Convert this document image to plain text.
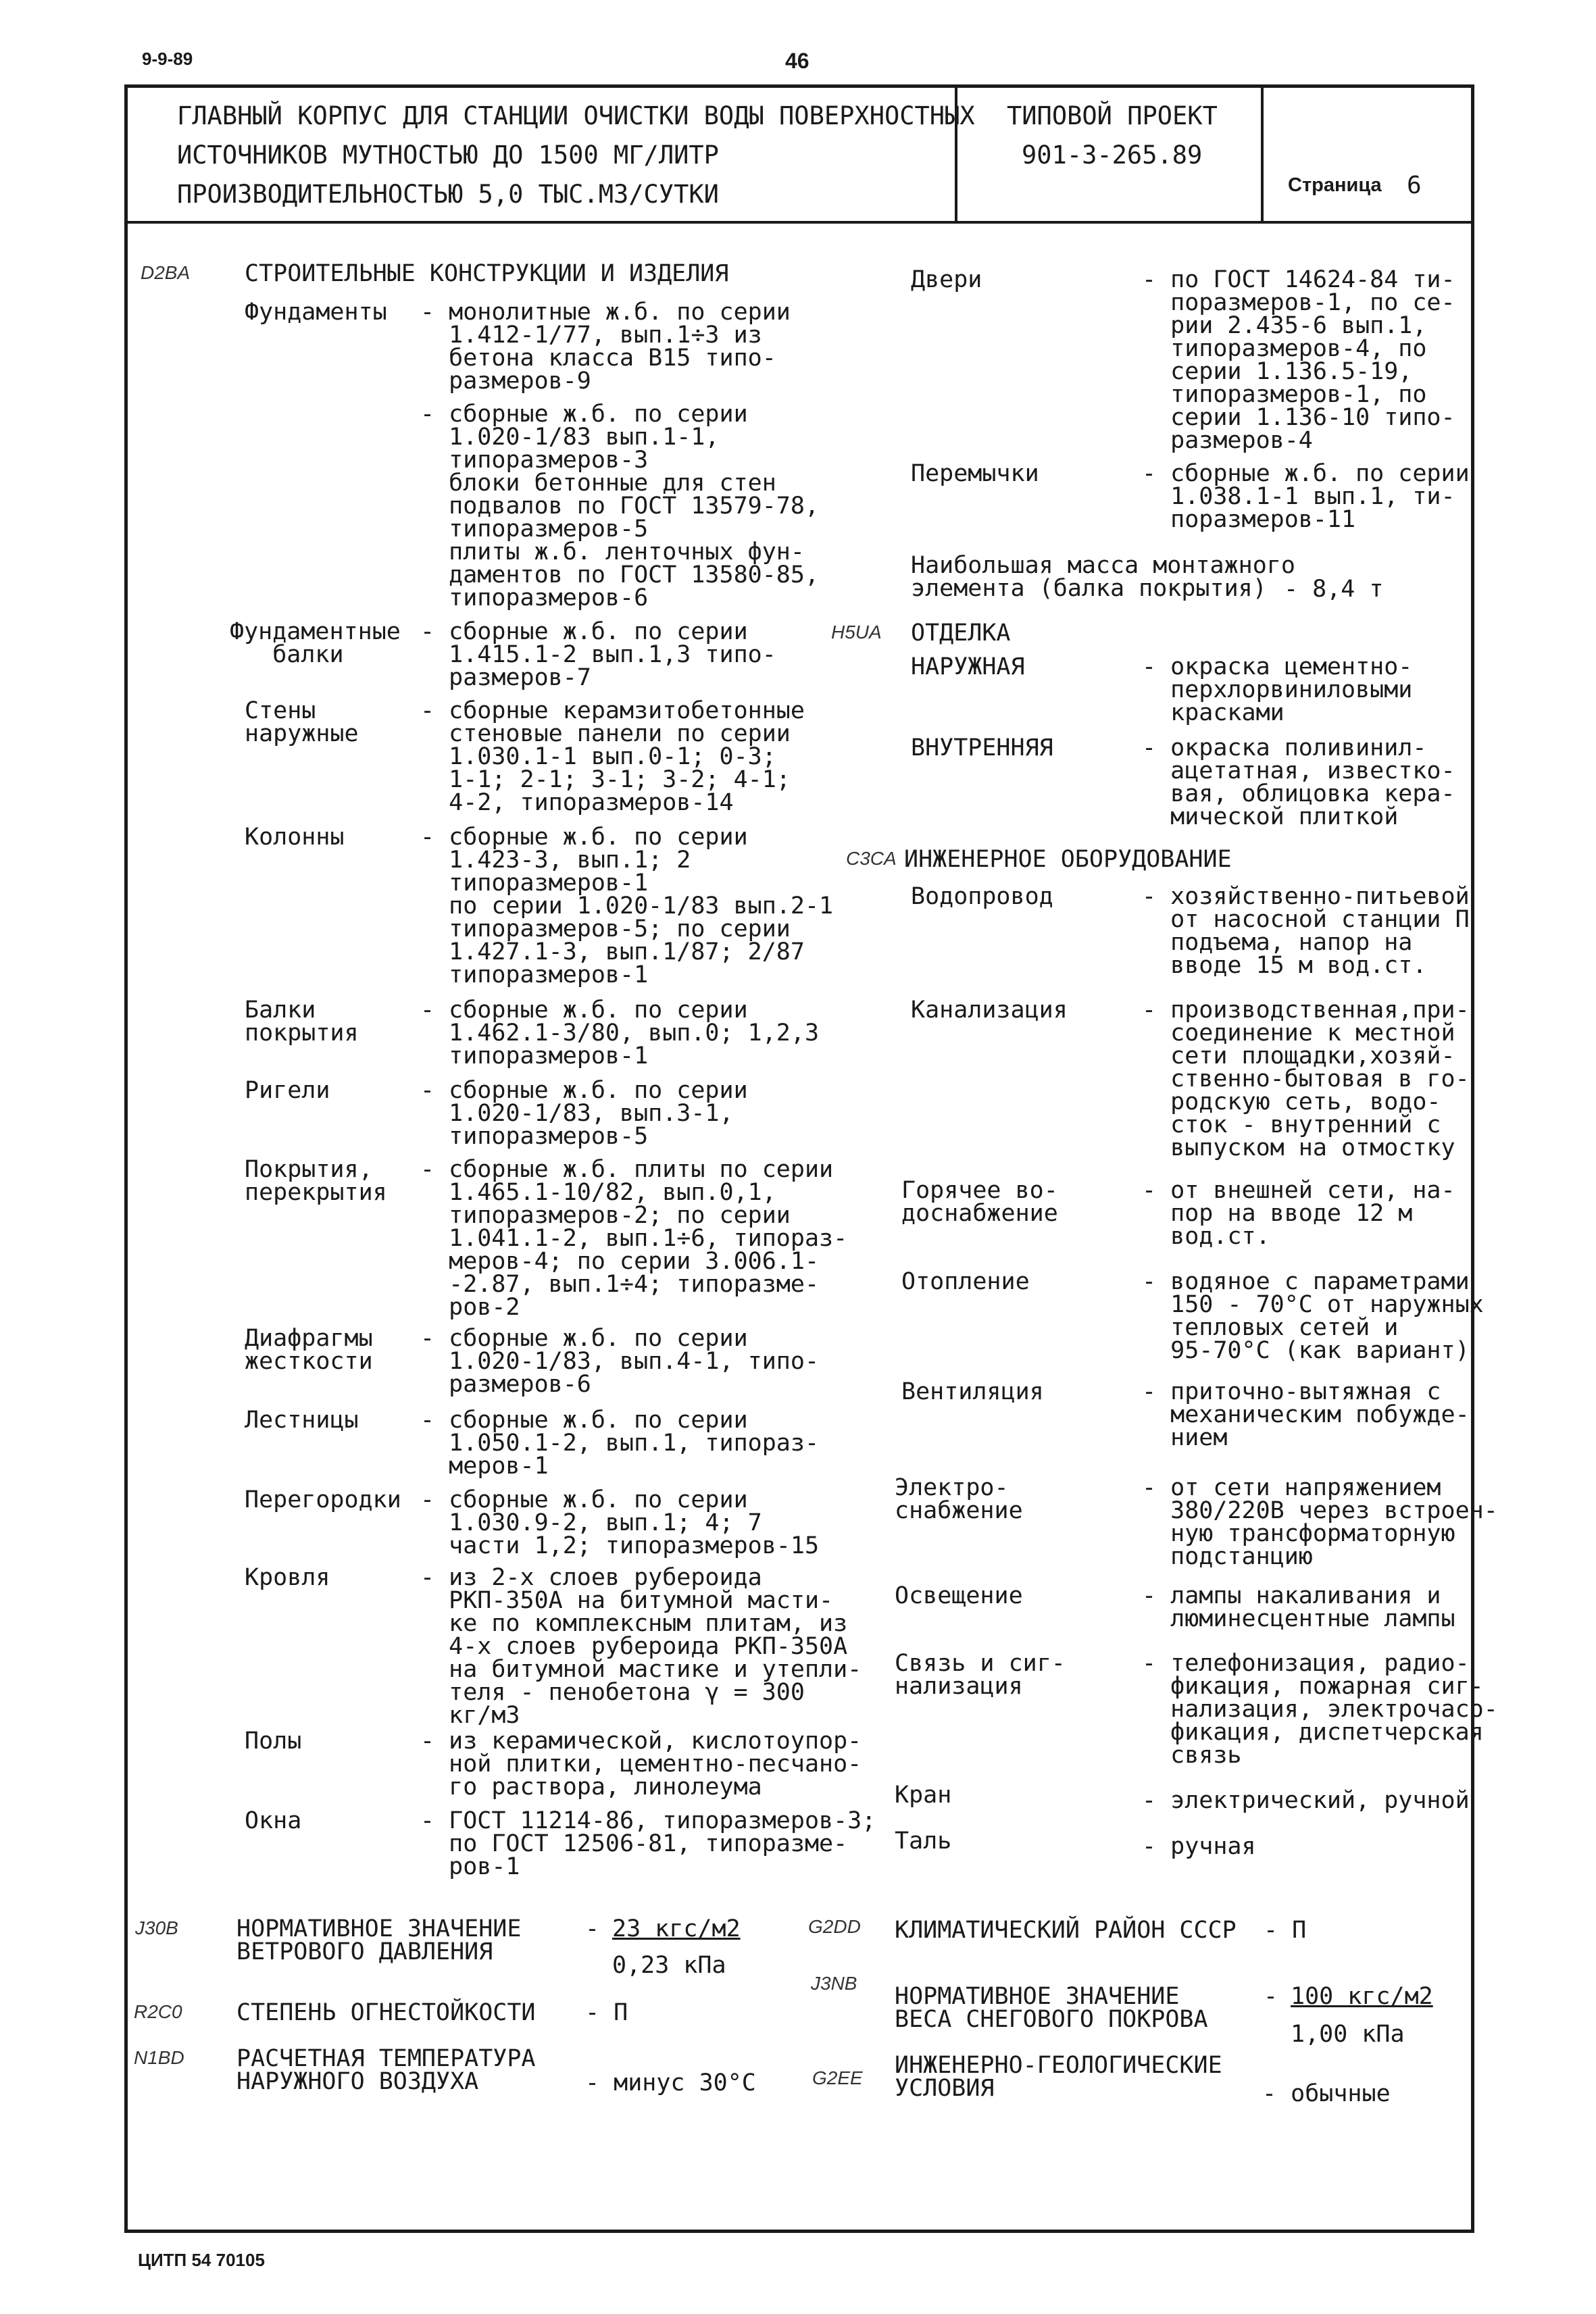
9-9-89	46
ГЛАВНЫЙ КОРПУС ДЛЯ СТАНЦИИ ОЧИСТКИ ВОДЫ ПОВЕРХНОСТНЫХ
ИСТОЧНИКОВ МУТНОСТЬЮ ДО 1500 МГ/ЛИТР
ПРОИЗВОДИТЕЛЬНОСТЬЮ 5,0 ТЫС.М3/СУТКИ
ТИПОВОЙ ПРОЕКТ
901-3-265.89
Страница 6
D2BA СТРОИТЕЛЬНЫЕ КОНСТРУКЦИИ И ИЗДЕЛИЯ
Фундаменты - монолитные ж.б. по серии
1.412-1/77, вып.1÷3 из
бетона класса В15 типо-
размеров-9
- сборные ж.б. по серии
1.020-1/83 вып.1-1,
типоразмеров-3
блоки бетонные для стен
подвалов по ГОСТ 13579-78,
типоразмеров-5
плиты ж.б. ленточных фун-
даментов по ГОСТ 13580-85,
типоразмеров-6
Фундаментные
балки
- сборные ж.б. по серии
1.415.1-2 вып.1,3 типо-
размеров-7
Стены
наружные
- сборные керамзитобетонные
стеновые панели по серии
1.030.1-1 вып.0-1; 0-3;
1-1; 2-1; 3-1; 3-2; 4-1;
4-2, типоразмеров-14
Колонны	- сборные ж.б. по серии
1.423-3, вып.1; 2
типоразмеров-1
по серии 1.020-1/83 вып.2-1
типоразмеров-5; по серии
1.427.1-3, вып.1/87; 2/87
типоразмеров-1
Балки
покрытия
- сборные ж.б. по серии
1.462.1-3/80, вып.0; 1,2,3
типоразмеров-1
Ригели	- сборные ж.б. по серии
1.020-1/83, вып.3-1,
типоразмеров-5
Покрытия,
перекрытия
- сборные ж.б. плиты по серии
1.465.1-10/82, вып.0,1,
типоразмеров-2; по серии
1.041.1-2, вып.1÷6, типораз-
меров-4; по серии 3.006.1-
-2.87, вып.1÷4; типоразме-
ров-2
Диафрагмы
жесткости
- сборные ж.б. по серии
1.020-1/83, вып.4-1, типо-
размеров-6
Лестницы	- сборные ж.б. по серии
1.050.1-2, вып.1, типораз-
меров-1
Перегородки - сборные ж.б. по серии
1.030.9-2, вып.1; 4; 7
части 1,2; типоразмеров-15
Кровля	- из 2-х слоев рубероида
РКП-350А на битумной масти-
ке по комплексным плитам, из
4-х слоев рубероида РКП-350А
на битумной мастике и утепли-
теля - пенобетона γ = 300
кг/м3
Полы	- из керамической, кислотоупор-
ной плитки, цементно-песчано-
го раствора, линолеума
Окна	- ГОСТ 11214-86, типоразмеров-3;
по ГОСТ 12506-81, типоразме-
ров-1
Двери	- по ГОСТ 14624-84 ти-
поразмеров-1, по се-
рии 2.435-6 вып.1,
типоразмеров-4, по
серии 1.136.5-19,
типоразмеров-1, по
серии 1.136-10 типо-
размеров-4
Перемычки	- сборные ж.б. по серии
1.038.1-1 вып.1, ти-
поразмеров-11
Наибольшая масса монтажного
элемента (балка покрытия) - 8,4 т
H5UA ОТДЕЛКА
НАРУЖНАЯ	- окраска цементно-
перхлорвиниловыми
красками
ВНУТРЕННЯЯ	- окраска поливинил-
ацетатная, известко-
вая, облицовка кера-
мической плиткой
C3CA ИНЖЕНЕРНОЕ ОБОРУДОВАНИЕ
Водопровод	- хозяйственно-питьевой
от насосной станции П
подъема, напор на
вводе 15 м вод.ст.
Канализация	- производственная,при-
соединение к местной
сети площадки,хозяй-
ственно-бытовая в го-
родскую сеть, водо-
сток - внутренний с
выпуском на отмостку
Горячее во-
доснабжение
- от внешней сети, на-
пор на вводе 12 м
вод.ст.
Отопление	- водяное с параметрами
150 - 70°С от наружных
тепловых сетей и
95-70°С (как вариант)
Вентиляция	- приточно-вытяжная с
механическим побужде-
нием
Электро-
снабжение
- от сети напряжением
380/220В через встроен-
ную трансформаторную
подстанцию
Освещение	- лампы накаливания и
люминесцентные лампы
Связь и сиг-
нализация
- телефонизация, радио-
фикация, пожарная сиг-
нализация, электрочасо-
фикация, диспетчерская
связь
Кран	- электрический, ручной
Таль	- ручная
J30B НОРМАТИВНОЕ ЗНАЧЕНИЕ
ВЕТРОВОГО ДАВЛЕНИЯ
- 23 кгс/м2
0,23 кПа
R2C0 СТЕПЕНЬ ОГНЕСТОЙКОСТИ - П
N1BD РАСЧЕТНАЯ ТЕМПЕРАТУРА
НАРУЖНОГО ВОЗДУХА	- минус 30°С
G2DD КЛИМАТИЧЕСКИЙ РАЙОН СССР - П
J3NB НОРМАТИВНОЕ ЗНАЧЕНИЕ
ВЕСА СНЕГОВОГО ПОКРОВА
- 100 кгс/м2
1,00 кПа
G2EE ИНЖЕНЕРНО-ГЕОЛОГИЧЕСКИЕ
УСЛОВИЯ	- обычные
ЦИТП 54 70105
